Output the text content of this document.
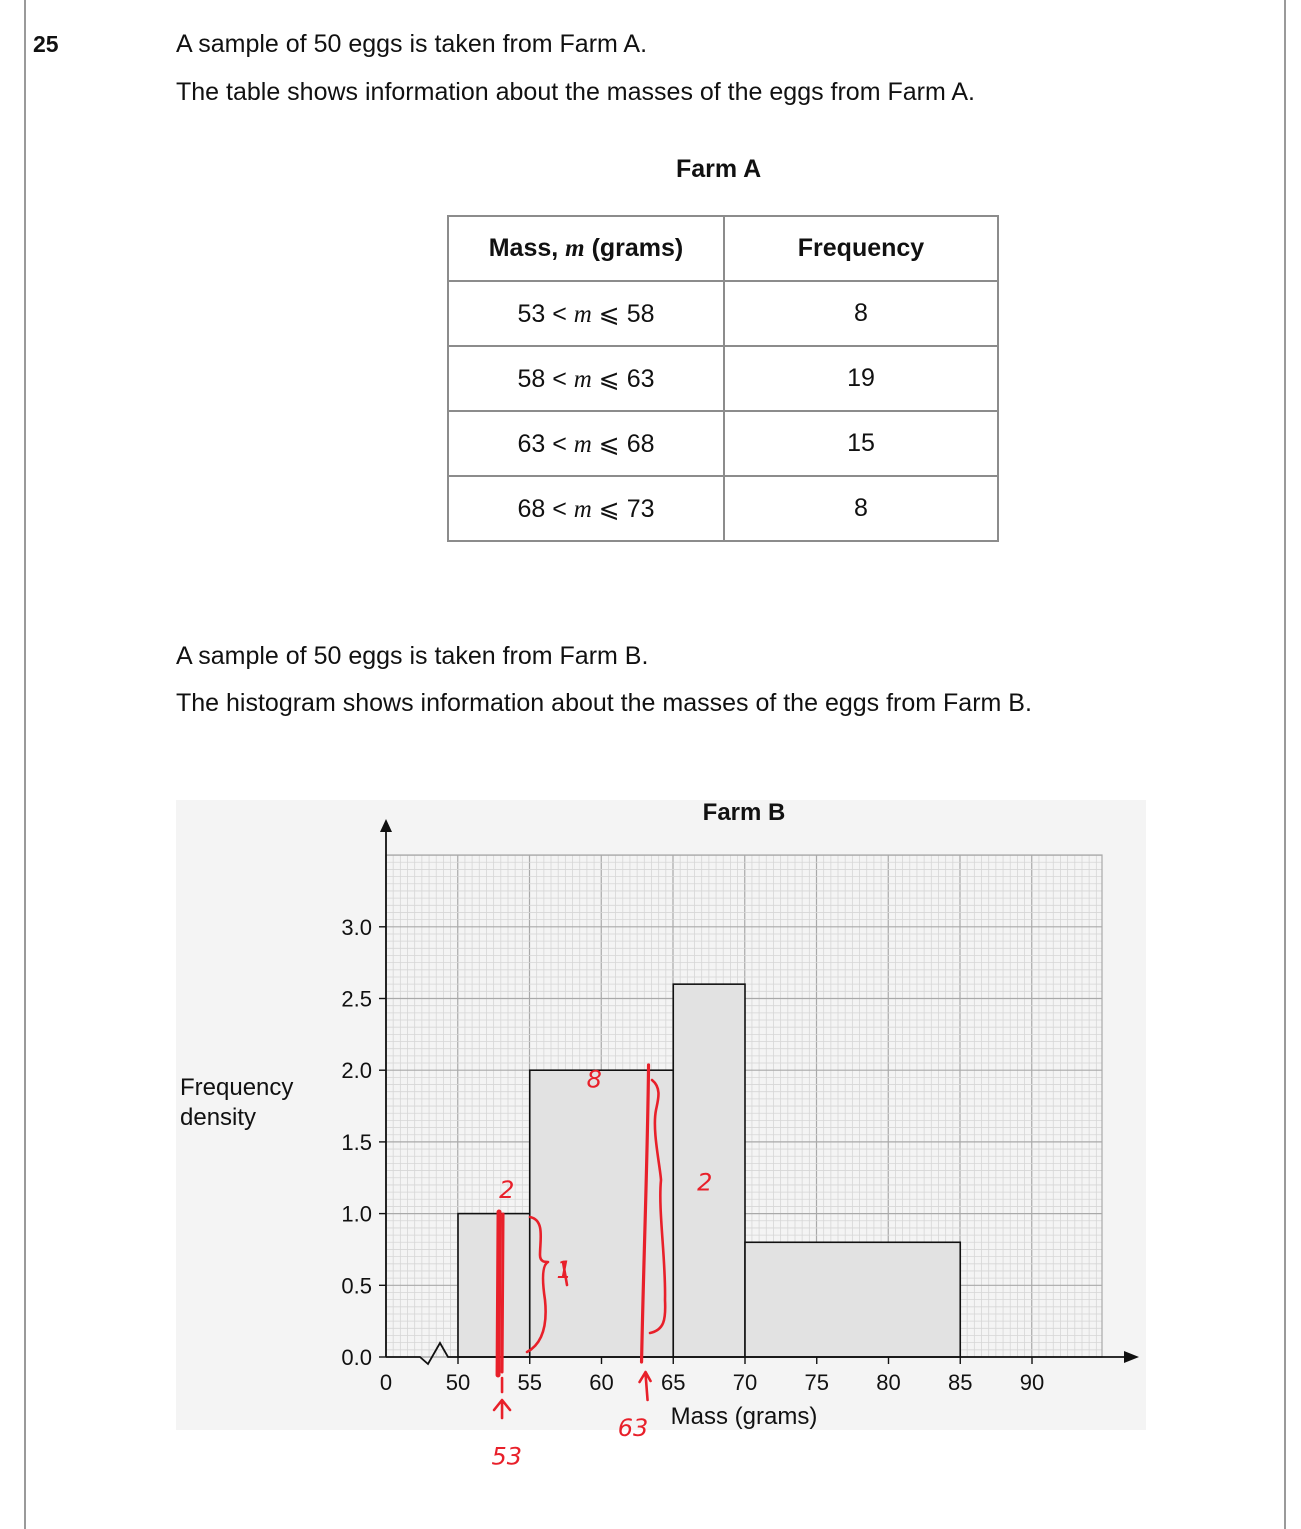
25	A sample of 50 eggs is taken from Farm A.
The table shows information about the masses of the eggs from Farm A.
Farm A
Mass, m (grams)	Frequency
53 < m ⩽ 58	8
58 < m ⩽ 63	19
63 < m ⩽ 68	15
68 < m ⩽ 73	8
A sample of 50 eggs is taken from Farm B.
The histogram shows information about the masses of the eggs from Farm B.
0.0
0.5
1.0
1.5
2.0
2.5
3.0
0 50 55 60 65 70 75 80 85 90
Farm B
Mass (grams)
Frequency
density
2
1
8
2
53
63
